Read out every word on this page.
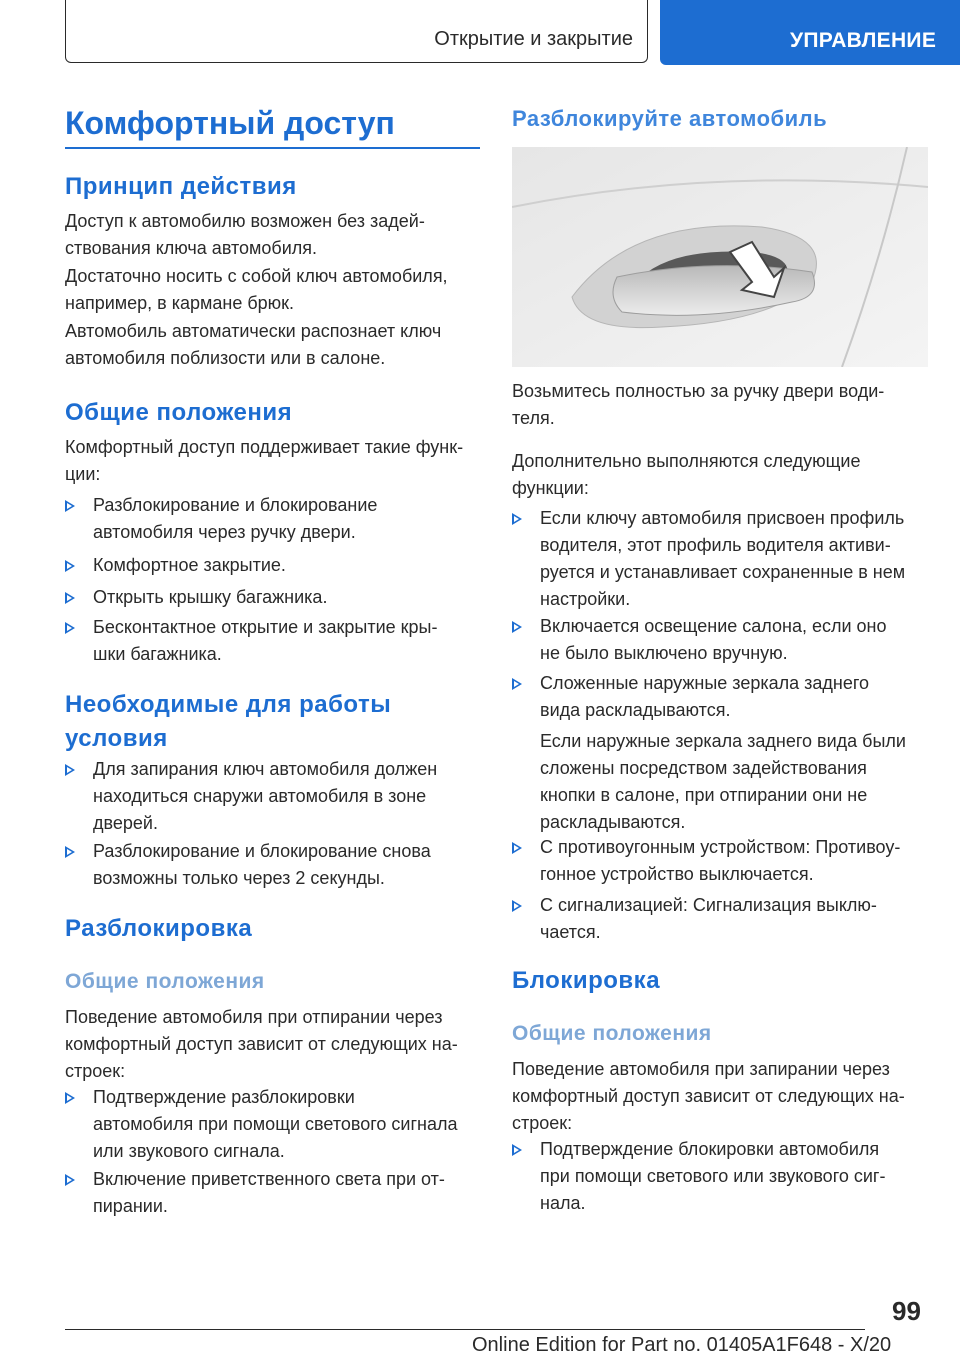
Открытие и закрытие	УПРАВЛЕНИЕ
Комфортный доступ
Принцип действия
Доступ к автомобилю возможен без задей-
ствования ключа автомобиля.
Достаточно носить с собой ключ автомобиля,
например, в кармане брюк.
Автомобиль автоматически распознает ключ
автомобиля поблизости или в салоне.
Общие положения
Комфортный доступ поддерживает такие функ-
ции:
Разблокирование и блокирование
автомобиля через ручку двери.
Комфортное закрытие.
Открыть крышку багажника.
Бесконтактное открытие и закрытие кры-
шки багажника.
Необходимые для работы
условия
Для запирания ключ автомобиля должен
находиться снаружи автомобиля в зоне
дверей.
Разблокирование и блокирование снова
возможны только через 2 секунды.
Разблокировка
Общие положения
Поведение автомобиля при отпирании через
комфортный доступ зависит от следующих на-
строек:
Подтверждение разблокировки
автомобиля при помощи светового сигнала
или звукового сигнала.
Включение приветственного света при от-
пирании.
Разблокируйте автомобиль
Возьмитесь полностью за ручку двери води-
теля.
Дополнительно выполняются следующие
функции:
Если ключу автомобиля присвоен профиль
водителя, этот профиль водителя активи-
руется и устанавливает сохраненные в нем
настройки.
Включается освещение салона, если оно
не было выключено вручную.
Сложенные наружные зеркала заднего
вида раскладываются.
Если наружные зеркала заднего вида были
сложены посредством задействования
кнопки в салоне, при отпирании они не
раскладываются.
С противоугонным устройством: Противоу-
гонное устройство выключается.
С сигнализацией: Сигнализация выклю-
чается.
Блокировка
Общие положения
Поведение автомобиля при запирании через
комфортный доступ зависит от следующих на-
строек:
Подтверждение блокировки автомобиля
при помощи светового или звукового сиг-
нала.
99
Online Edition for Part no. 01405A1F648 - X/20
